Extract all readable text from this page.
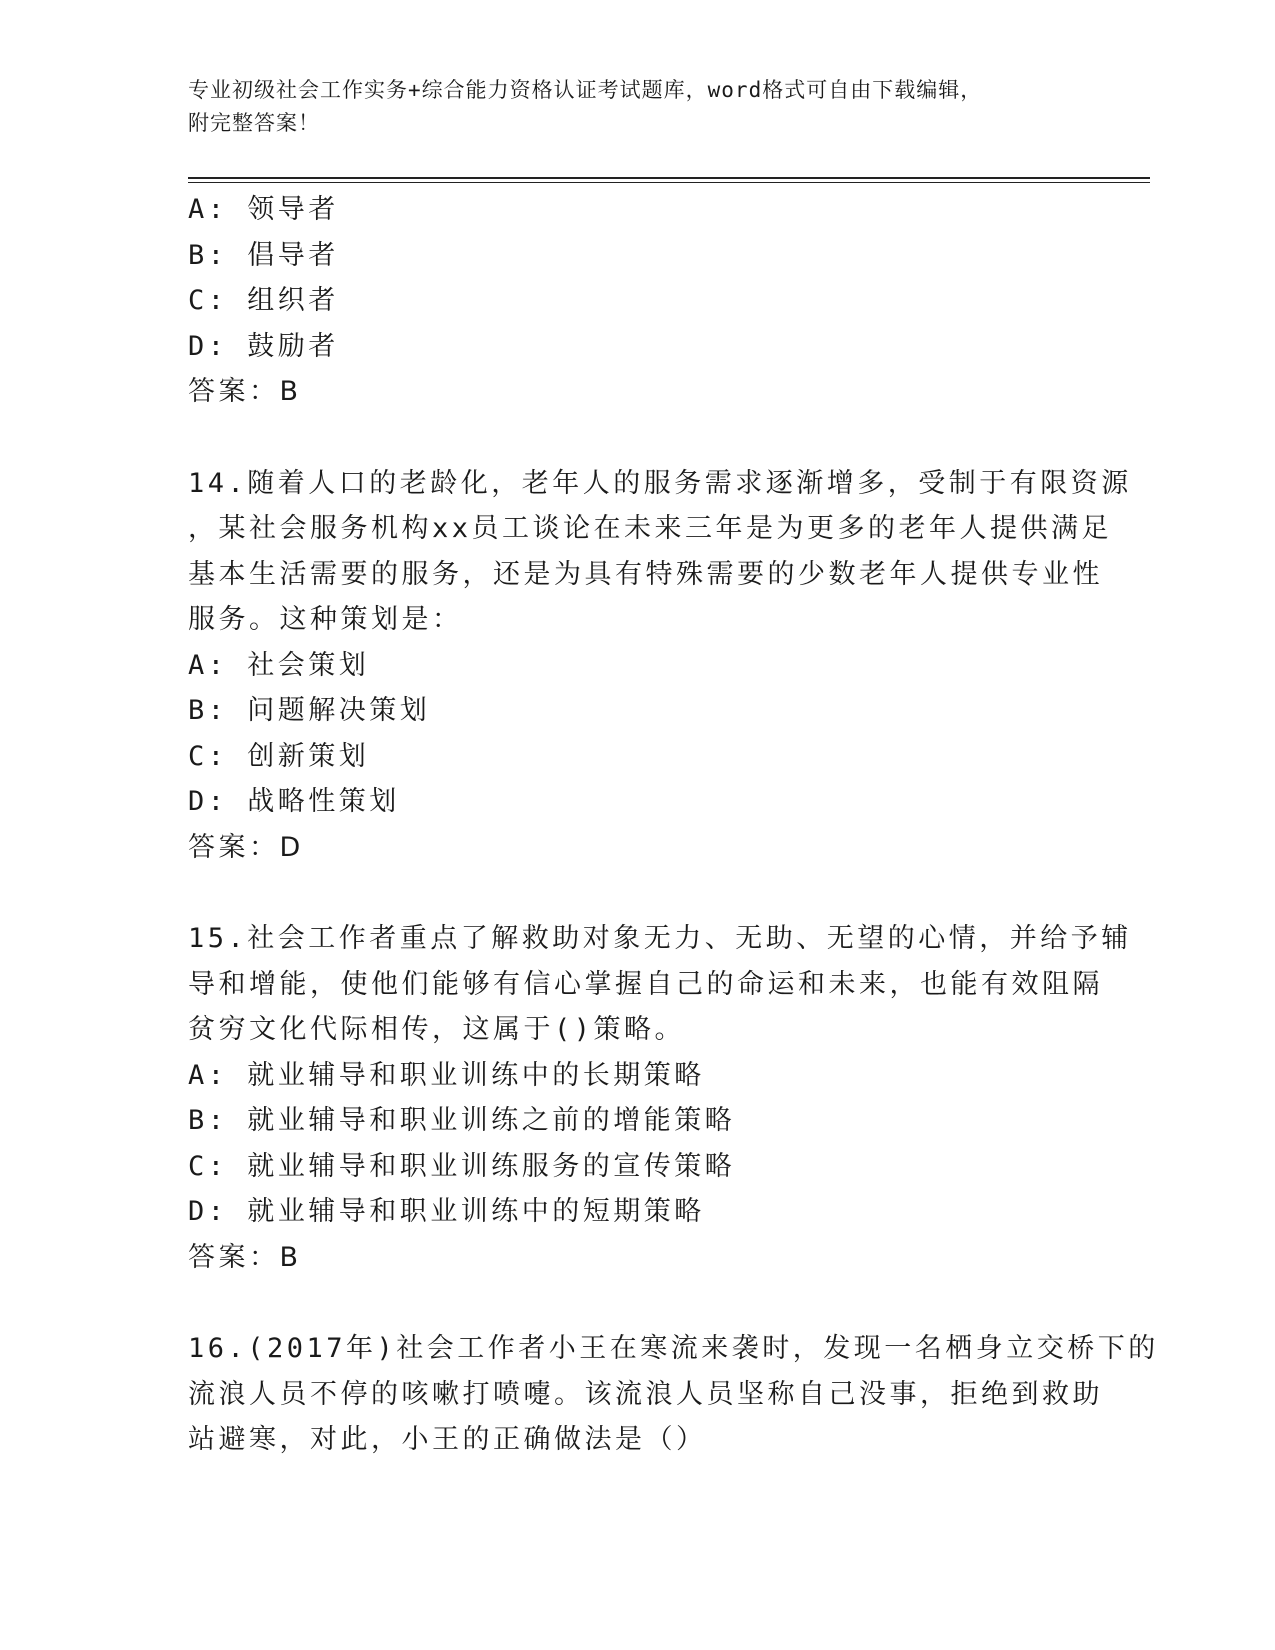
专业初级社会工作实务+综合能力资格认证考试题库，word格式可自由下载编辑，
附完整答案！
A: 领导者
B: 倡导者
C: 组织者
D: 鼓励者
答案：B
14.随着人口的老龄化，老年人的服务需求逐渐增多，受制于有限资源
，某社会服务机构xx员工谈论在未来三年是为更多的老年人提供满足
基本生活需要的服务，还是为具有特殊需要的少数老年人提供专业性
服务。这种策划是：
A: 社会策划
B: 问题解决策划
C: 创新策划
D: 战略性策划
答案：D
15.社会工作者重点了解救助对象无力、无助、无望的心情，并给予辅
导和增能，使他们能够有信心掌握自己的命运和未来，也能有效阻隔
贫穷文化代际相传，这属于()策略。
A: 就业辅导和职业训练中的长期策略
B: 就业辅导和职业训练之前的增能策略
C: 就业辅导和职业训练服务的宣传策略
D: 就业辅导和职业训练中的短期策略
答案：B
16.(2017年)社会工作者小王在寒流来袭时，发现一名栖身立交桥下的
流浪人员不停的咳嗽打喷嚏。该流浪人员坚称自己没事，拒绝到救助
站避寒，对此，小王的正确做法是（）
